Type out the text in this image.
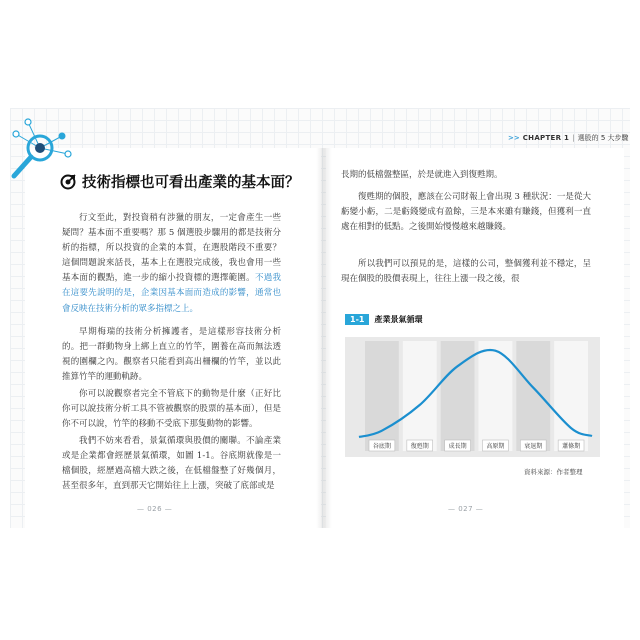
>> CHAPTER 1 | 選股的 5 大步驟
技術指標也可看出產業的基本面？

行文至此，對投資稍有涉獵的朋友，一定會產生一些疑問？基本面不重要嗎？那 5 個選股步驟用的都是技術分析的指標，所以投資的企業的本質，在選股階段不重要？這個問題說來話長，基本上在選股完成後，我也會用一些基本面的觀點，進一步的縮小投資標的選擇範圍。不過我在這要先說明的是，企業因基本面而造成的影響，通常也會反映在技術分析的眾多指標之上。

早期梅瑞的技術分析擁護者，是這樣形容技術分析的。把一群動物身上綁上直立的竹竿，圍養在高而無法透視的圍欄之內。觀察者只能看到高出柵欄的竹竿，並以此推算竹竿的運動軌跡。

你可以說觀察者完全不管底下的動物是什麼（正好比你可以說技術分析工具不管被觀察的股票的基本面），但是你不可以說，竹竿的移動不受底下那隻動物的影響。

我們不妨來看看，景氣循環與股價的關聯。不論產業或是企業都會經歷景氣循環，如圖 1-1。谷底期就像是一檔個股，經歷過高檔大跌之後，在低檔盤整了好幾個月，甚至很多年，直到那天它開始往上上漲，突破了底部或是

長期的低檔盤整區，於是就進入到復甦期。

復甦期的個股，應該在公司財報上會出現 3 種狀況：一是從大虧變小虧，二是虧錢變成有盈餘，三是本來雖有賺錢，但獲利一直處在相對的低點。之後開始慢慢越來越賺錢。

所以我們可以預見的是，這樣的公司，整個獲利並不穩定，呈現在個股的股價表現上，往往上漲一段之後，很

1-1	產業景氣循環
谷底期	復甦期	成長期	高原期	衰退期	蕭條期
資料來源：作者整理
— 026 —	— 027 —
